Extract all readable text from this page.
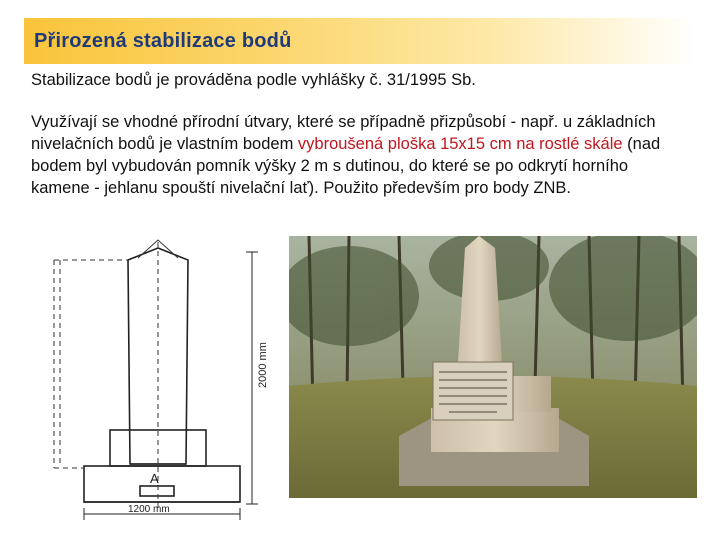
Přirozená stabilizace bodů
Stabilizace bodů je prováděna podle vyhlášky č. 31/1995 Sb.
Využívají se vhodné přírodní útvary, které se případně přizpůsobí - např. u základních nivelačních bodů je vlastním bodem vybroušená ploška 15x15 cm na rostlé skále (nad bodem byl vybudován pomník výšky 2 m s dutinou, do které se po odkrytí horního kamene - jehlanu spouští nivelační lať). Použito především pro body ZNB.
2000 mm
1200 mm
A
